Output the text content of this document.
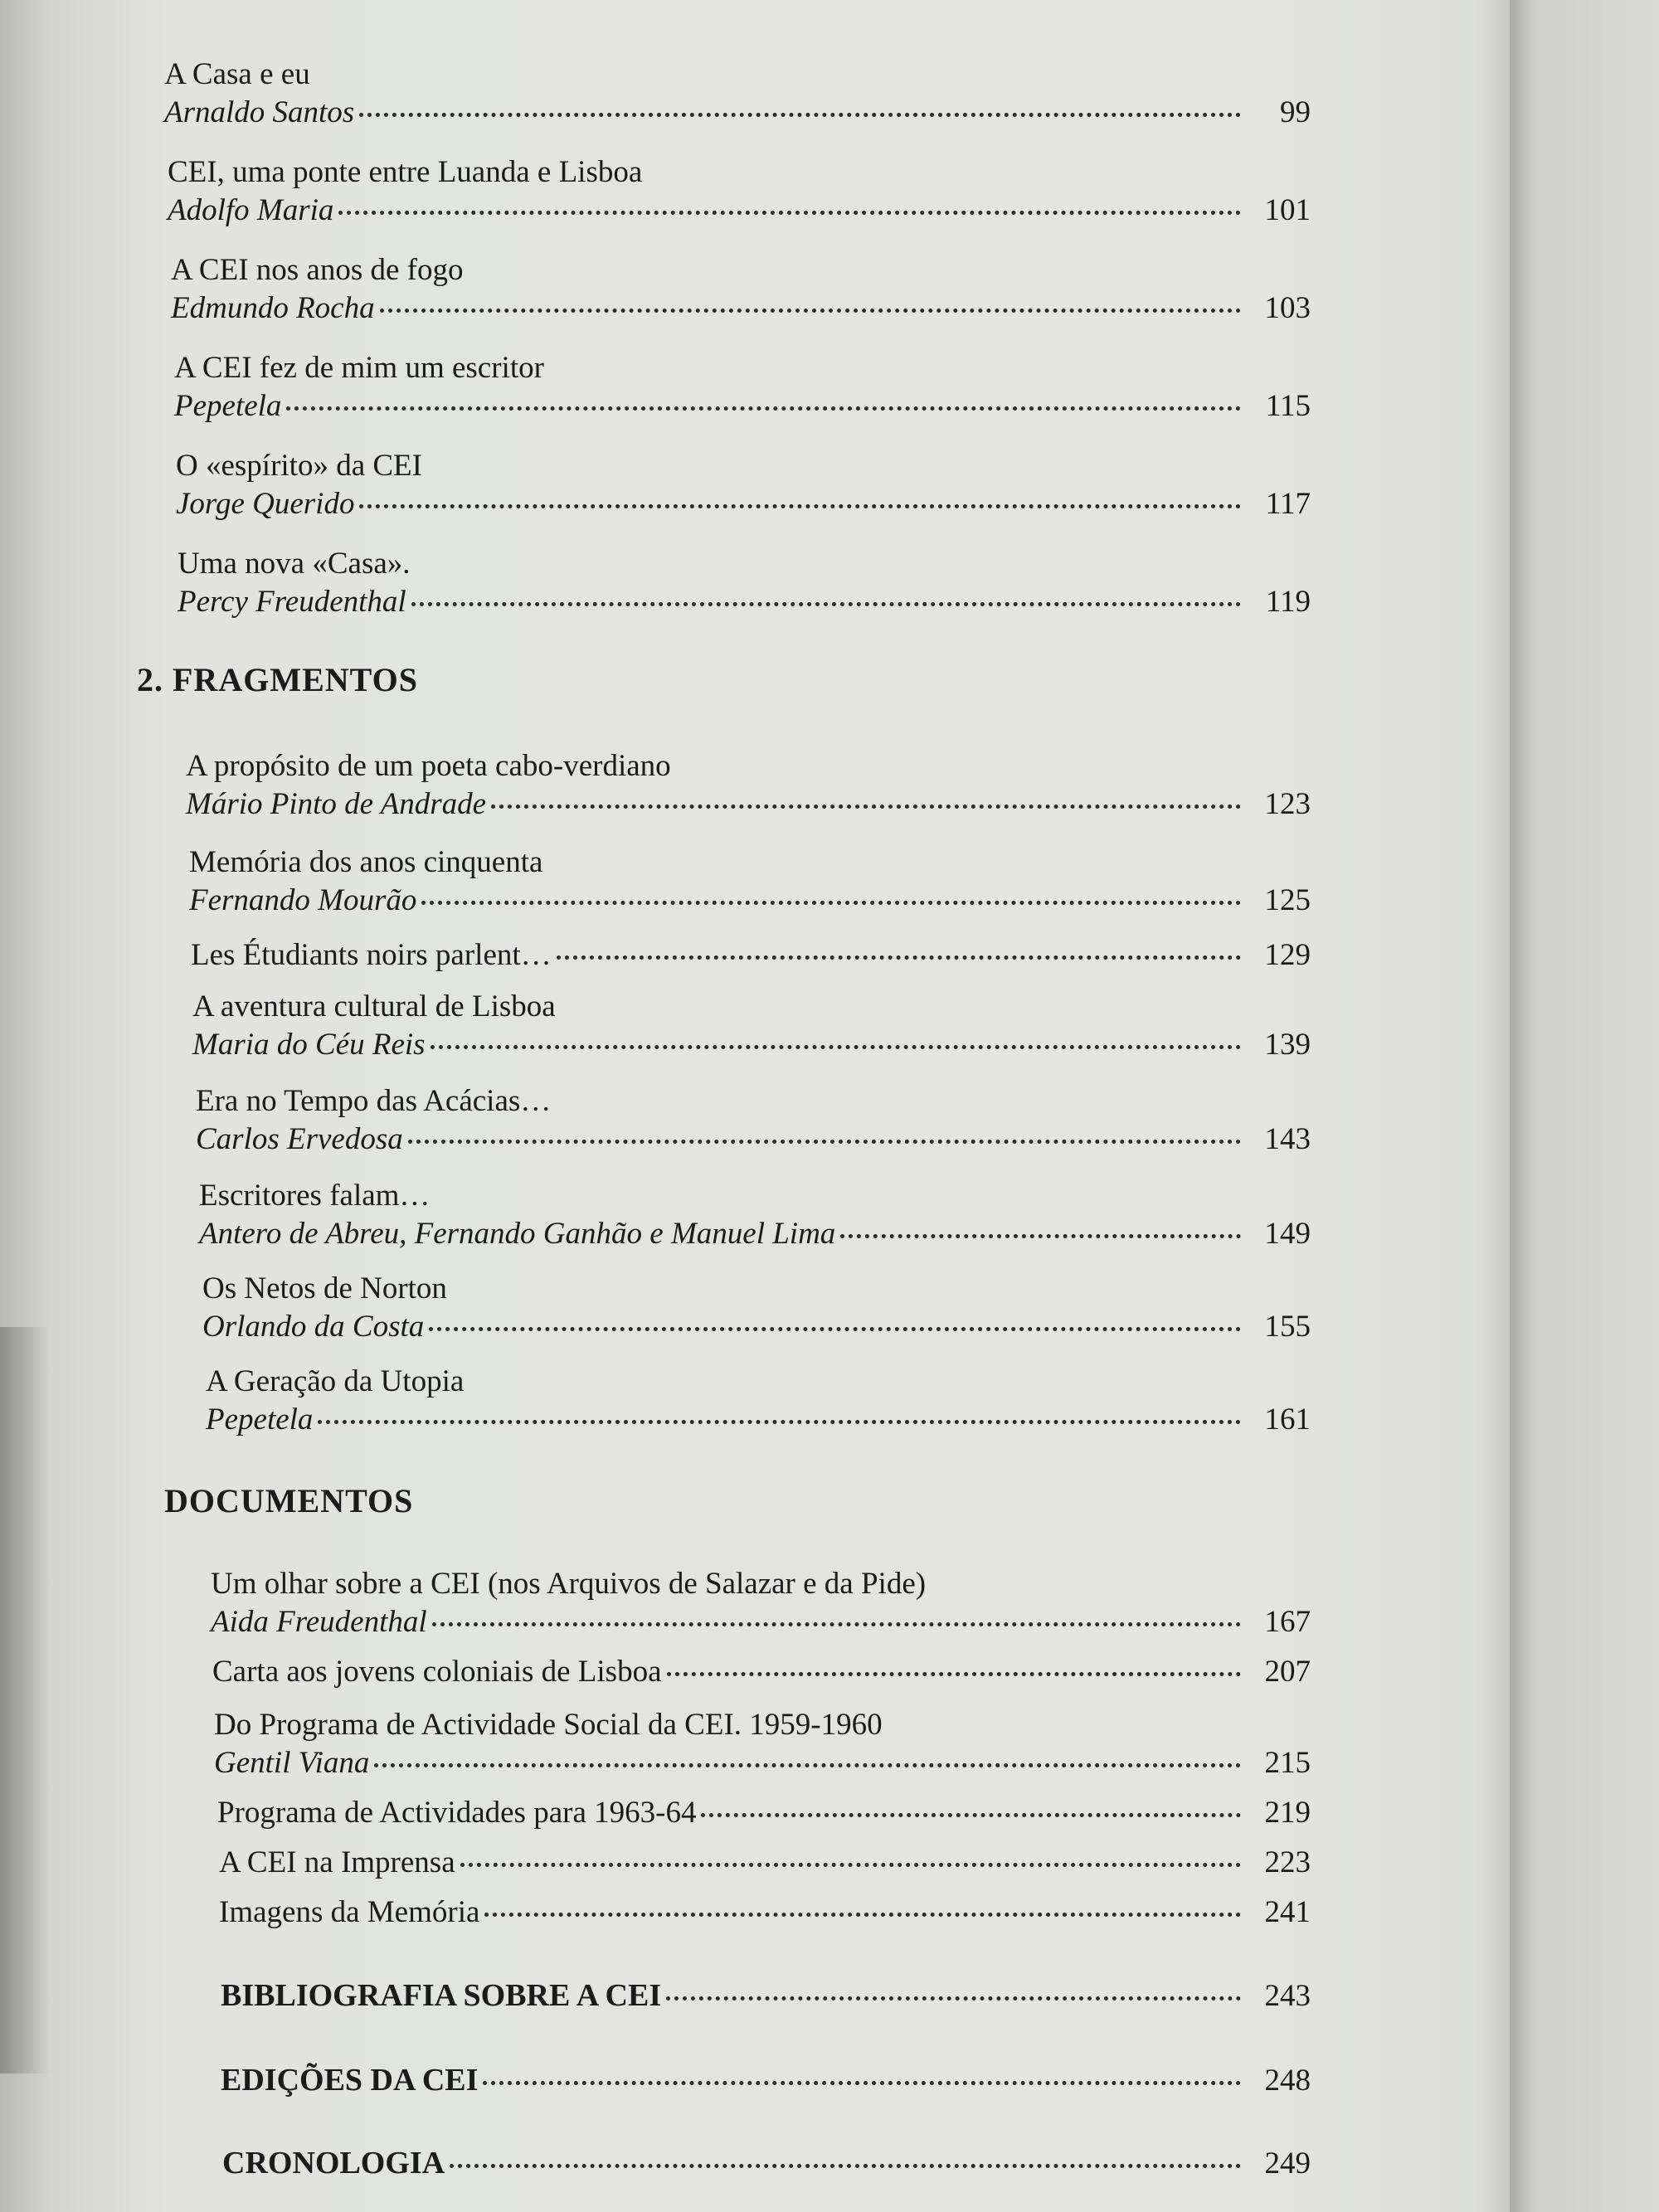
A Casa e eu
Arnaldo Santos	99
CEI, uma ponte entre Luanda e Lisboa
Adolfo Maria	101
A CEI nos anos de fogo
Edmundo Rocha	103
A CEI fez de mim um escritor
Pepetela	115
O «espírito» da CEI
Jorge Querido	117
Uma nova «Casa».
Percy Freudenthal	119
2. FRAGMENTOS
A propósito de um poeta cabo-verdiano
Mário Pinto de Andrade	123
Memória dos anos cinquenta
Fernando Mourão	125
Les Étudiants noirs parlent…	129
A aventura cultural de Lisboa
Maria do Céu Reis	139
Era no Tempo das Acácias…
Carlos Ervedosa	143
Escritores falam…
Antero de Abreu, Fernando Ganhão e Manuel Lima	149
Os Netos de Norton
Orlando da Costa	155
A Geração da Utopia
Pepetela	161
DOCUMENTOS
Um olhar sobre a CEI (nos Arquivos de Salazar e da Pide)
Aida Freudenthal	167
Carta aos jovens coloniais de Lisboa	207
Do Programa de Actividade Social da CEI. 1959-1960
Gentil Viana	215
Programa de Actividades para 1963-64	219
A CEI na Imprensa	223
Imagens da Memória	241
BIBLIOGRAFIA SOBRE A CEI	243
EDIÇÕES DA CEI	248
CRONOLOGIA	249
